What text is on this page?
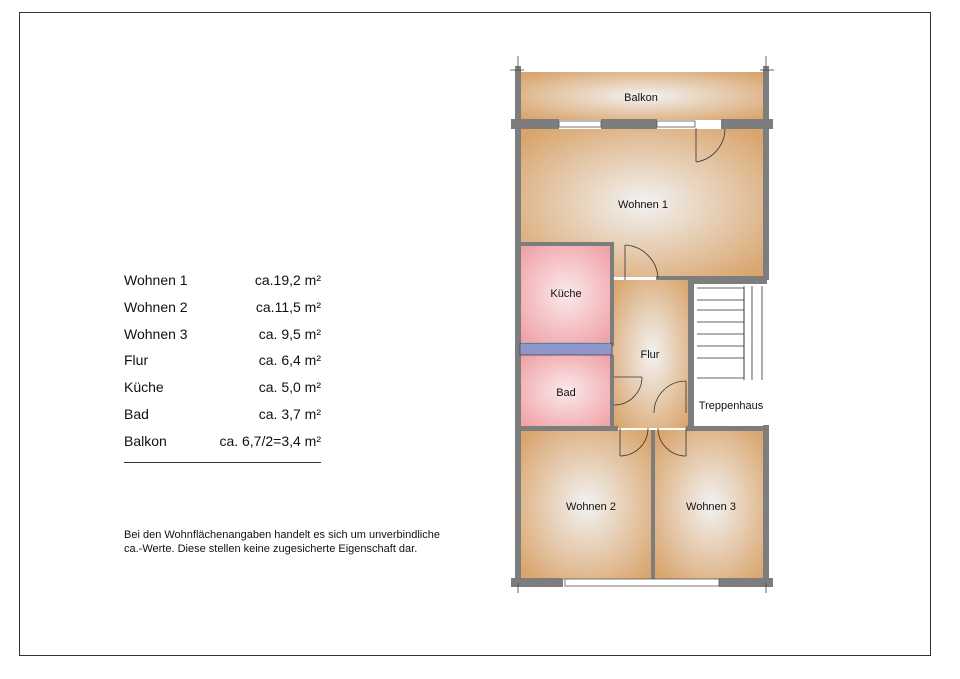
Wohnen 1	ca.19,2 m²
Wohnen 2	ca.11,5 m²
Wohnen 3	ca. 9,5 m²
Flur	ca. 6,4 m²
Küche	ca. 5,0 m²
Bad	ca. 3,7 m²
Balkon	ca. 6,7/2=3,4 m²
Bei den Wohnflächenangaben handelt es sich um unverbindliche
ca.-Werte. Diese stellen keine zugesicherte Eigenschaft dar.
Balkon
Wohnen 1
Küche
Flur
Bad
Treppenhaus
Wohnen 2	Wohnen 3
